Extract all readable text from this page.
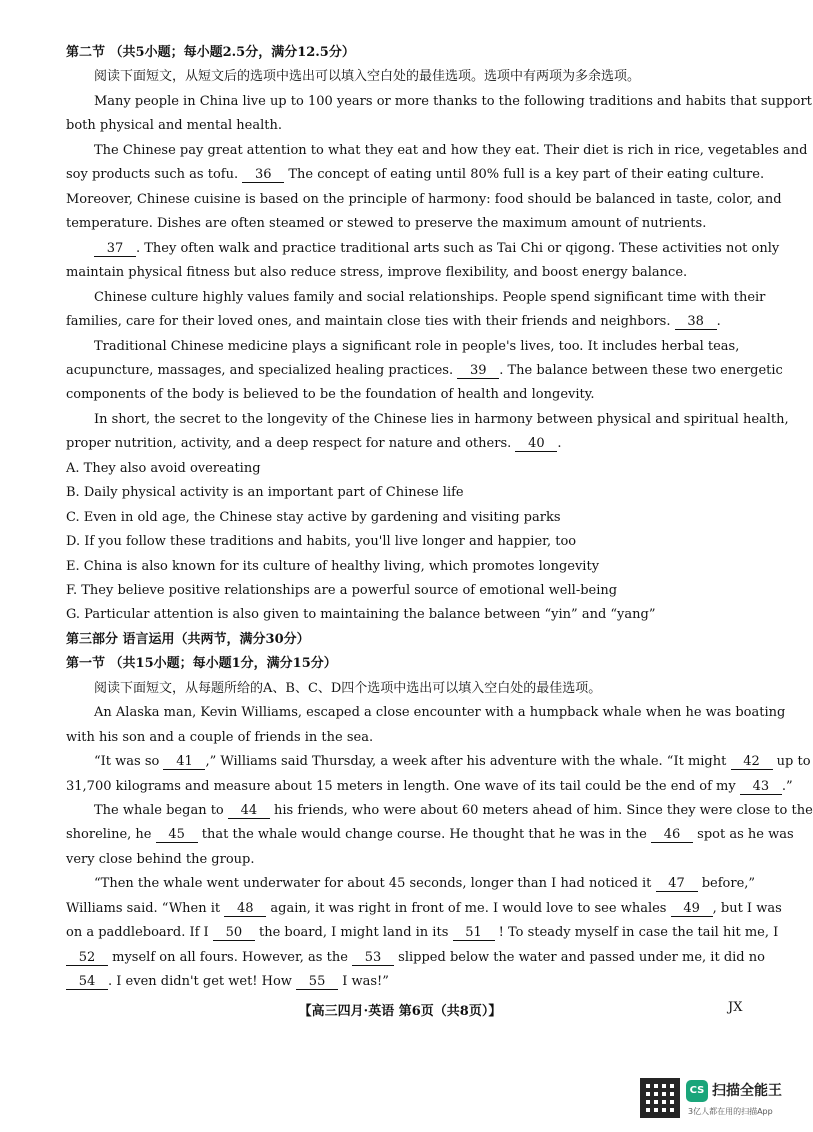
第二节 （共5小题；每小题2.5分，满分12.5分）
阅读下面短文，从短文后的选项中选出可以填入空白处的最佳选项。选项中有两项为多余选项。
Many people in China live up to 100 years or more thanks to the following traditions and habits that support
both physical and mental health.
The Chinese pay great attention to what they eat and how they eat. Their diet is rich in rice, vegetables and
soy products such as tofu. 36 The concept of eating until 80% full is a key part of their eating culture.
Moreover, Chinese cuisine is based on the principle of harmony: food should be balanced in taste, color, and
temperature. Dishes are often steamed or stewed to preserve the maximum amount of nutrients.
37 . They often walk and practice traditional arts such as Tai Chi or qigong. These activities not only
maintain physical fitness but also reduce stress, improve flexibility, and boost energy balance.
Chinese culture highly values family and social relationships. People spend significant time with their
families, care for their loved ones, and maintain close ties with their friends and neighbors. 38 .
Traditional Chinese medicine plays a significant role in people's lives, too. It includes herbal teas,
acupuncture, massages, and specialized healing practices. 39 . The balance between these two energetic
components of the body is believed to be the foundation of health and longevity.
In short, the secret to the longevity of the Chinese lies in harmony between physical and spiritual health,
proper nutrition, activity, and a deep respect for nature and others. 40 .
A. They also avoid overeating
B. Daily physical activity is an important part of Chinese life
C. Even in old age, the Chinese stay active by gardening and visiting parks
D. If you follow these traditions and habits, you'll live longer and happier, too
E. China is also known for its culture of healthy living, which promotes longevity
F. They believe positive relationships are a powerful source of emotional well-being
G. Particular attention is also given to maintaining the balance between “yin” and “yang”
第三部分 语言运用（共两节，满分30分）
第一节 （共15小题；每小题1分，满分15分）
阅读下面短文，从每题所给的A、B、C、D四个选项中选出可以填入空白处的最佳选项。
An Alaska man, Kevin Williams, escaped a close encounter with a humpback whale when he was boating
with his son and a couple of friends in the sea.
“It was so 41 ,” Williams said Thursday, a week after his adventure with the whale. “It might 42 up to
31,700 kilograms and measure about 15 meters in length. One wave of its tail could be the end of my 43 .”
The whale began to 44 his friends, who were about 60 meters ahead of him. Since they were close to the
shoreline, he 45 that the whale would change course. He thought that he was in the 46 spot as he was
very close behind the group.
“Then the whale went underwater for about 45 seconds, longer than I had noticed it 47 before,”
Williams said. “When it 48 again, it was right in front of me. I would love to see whales 49 , but I was
on a paddleboard. If I 50 the board, I might land in its 51 ! To steady myself in case the tail hit me, I
52 myself on all fours. However, as the 53 slipped below the water and passed under me, it did no
54 . I even didn't get wet! How 55 I was!”
【高三四月·英语 第6页（共8页）】	JX
CS 扫描全能王
3亿人都在用的扫描App
